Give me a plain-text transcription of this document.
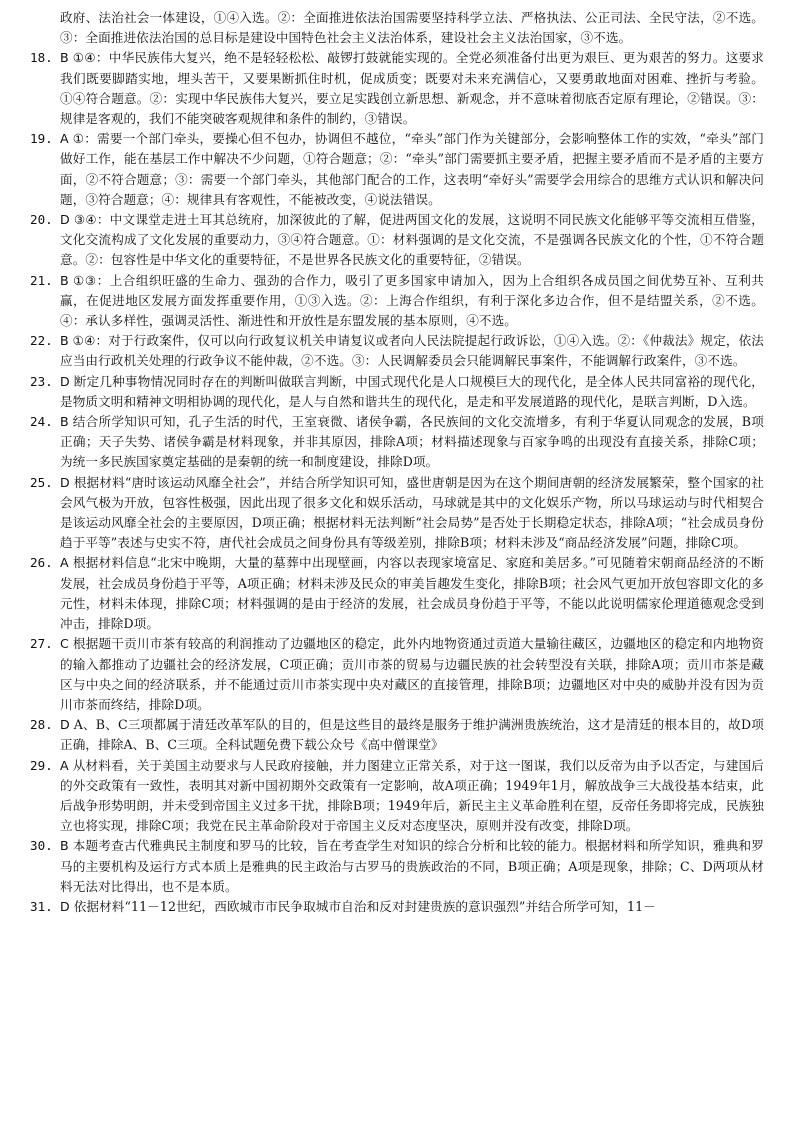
政府、法治社会一体建设，①④入选。②：全面推进依法治国需要坚持科学立法、严格执法、公正司法、全民守法，②不选。③：全面推进依法治国的总目标是建设中国特色社会主义法治体系，建设社会主义法治国家，③不选。

18. B ①④：中华民族伟大复兴，绝不是轻轻松松、敲锣打鼓就能实现的。全党必须准备付出更为艰巨、更为艰苦的努力。这要求我们既要脚踏实地，埋头苦干，又要果断抓住时机，促成质变；既要对未来充满信心，又要勇敢地面对困难、挫折与考验。①④符合题意。②：实现中华民族伟大复兴，要立足实践创立新思想、新观念，并不意味着彻底否定原有理论，②错误。③：规律是客观的，我们不能突破客观规律和条件的制约，③错误。

19. A ①：需要一个部门牵头，要操心但不包办，协调但不越位，“牵头”部门作为关键部分，会影响整体工作的实效，“牵头”部门做好工作，能在基层工作中解决不少问题，①符合题意；②：“牵头”部门需要抓主要矛盾，把握主要矛盾而不是矛盾的主要方面，②不符合题意；③：需要一个部门牵头，其他部门配合的工作，这表明“牵好头”需要学会用综合的思维方式认识和解决问题，③符合题意；④：规律具有客观性，不能被改变，④说法错误。

20. D ③④：中文课堂走进土耳其总统府，加深彼此的了解，促进两国文化的发展，这说明不同民族文化能够平等交流相互借鉴，文化交流构成了文化发展的重要动力，③④符合题意。①：材料强调的是文化交流，不是强调各民族文化的个性，①不符合题意。②：包容性是中华文化的重要特征，不是世界各民族文化的重要特征，②错误。

21. B ①③：上合组织旺盛的生命力、强劲的合作力，吸引了更多国家申请加入，因为上合组织各成员国之间优势互补、互利共赢，在促进地区发展方面发挥重要作用，①③入选。②：上海合作组织，有利于深化多边合作，但不是结盟关系，②不选。④：承认多样性，强调灵活性、渐进性和开放性是东盟发展的基本原则，④不选。

22. B ①④：对于行政案件，仅可以向行政复议机关申请复议或者向人民法院提起行政诉讼，①④入选。②：《仲裁法》规定，依法应当由行政机关处理的行政争议不能仲裁，②不选。③：人民调解委员会只能调解民事案件，不能调解行政案件，③不选。

23. D 断定几种事物情况同时存在的判断叫做联言判断，中国式现代化是人口规模巨大的现代化，是全体人民共同富裕的现代化，是物质文明和精神文明相协调的现代化，是人与自然和谐共生的现代化，是走和平发展道路的现代化，是联言判断，D入选。

24. B 结合所学知识可知，孔子生活的时代，王室衰微、诸侯争霸，各民族间的文化交流增多，有利于华夏认同观念的发展，B项正确；天子失势、诸侯争霸是材料现象，并非其原因，排除A项；材料描述现象与百家争鸣的出现没有直接关系，排除C项；为统一多民族国家奠定基础的是秦朝的统一和制度建设，排除D项。

25. D 根据材料“唐时该运动风靡全社会”，并结合所学知识可知，盛世唐朝是因为在这个期间唐朝的经济发展繁荣，整个国家的社会风气极为开放，包容性极强，因此出现了很多文化和娱乐活动，马球就是其中的文化娱乐产物，所以马球运动与时代相契合是该运动风靡全社会的主要原因，D项正确；根据材料无法判断“社会局势”是否处于长期稳定状态，排除A项；“社会成员身份趋于平等”表述与史实不符，唐代社会成员之间身份具有等级差别，排除B项；材料未涉及“商品经济发展”问题，排除C项。

26. A 根据材料信息“北宋中晚期，大量的墓葬中出现壁画，内容以表现家境富足、家庭和美居多。”可见随着宋朝商品经济的不断发展，社会成员身份趋于平等，A项正确；材料未涉及民众的审美旨趣发生变化，排除B项；社会风气更加开放包容即文化的多元性，材料未体现，排除C项；材料强调的是由于经济的发展，社会成员身份趋于平等，不能以此说明儒家伦理道德观念受到冲击，排除D项。

27. C 根据题干贡川市茶有较高的利润推动了边疆地区的稳定，此外内地物资通过贡道大量输往藏区，边疆地区的稳定和内地物资的输入都推动了边疆社会的经济发展，C项正确；贡川市茶的贸易与边疆民族的社会转型没有关联，排除A项；贡川市茶是藏区与中央之间的经济联系，并不能通过贡川市茶实现中央对藏区的直接管理，排除B项；边疆地区对中央的威胁并没有因为贡川市茶而终结，排除D项。

28. D A、B、C三项都属于清廷改革军队的目的，但是这些目的最终是服务于维护满洲贵族统治，这才是清廷的根本目的，故D项正确，排除A、B、C三项。全科试题免费下载公众号《高中僧课堂》

29. A 从材料看，关于美国主动要求与人民政府接触，并力图建立正常关系，对于这一图谋，我们以反帝为由予以否定，与建国后的外交政策有一致性，表明其对新中国初期外交政策有一定影响，故A项正确；1949年1月，解放战争三大战役基本结束，此后战争形势明朗，并未受到帝国主义过多干扰，排除B项；1949年后，新民主主义革命胜利在望，反帝任务即将完成，民族独立也将实现，排除C项；我党在民主革命阶段对于帝国主义反对态度坚决，原则并没有改变，排除D项。

30. B 本题考查古代雅典民主制度和罗马的比较，旨在考查学生对知识的综合分析和比较的能力。根据材料和所学知识，雅典和罗马的主要机构及运行方式本质上是雅典的民主政治与古罗马的贵族政治的不同，B项正确；A项是现象，排除；C、D两项从材料无法对比得出，也不是本质。

31. D 依据材料“11－12世纪，西欧城市市民争取城市自治和反对封建贵族的意识强烈”并结合所学可知，11－
